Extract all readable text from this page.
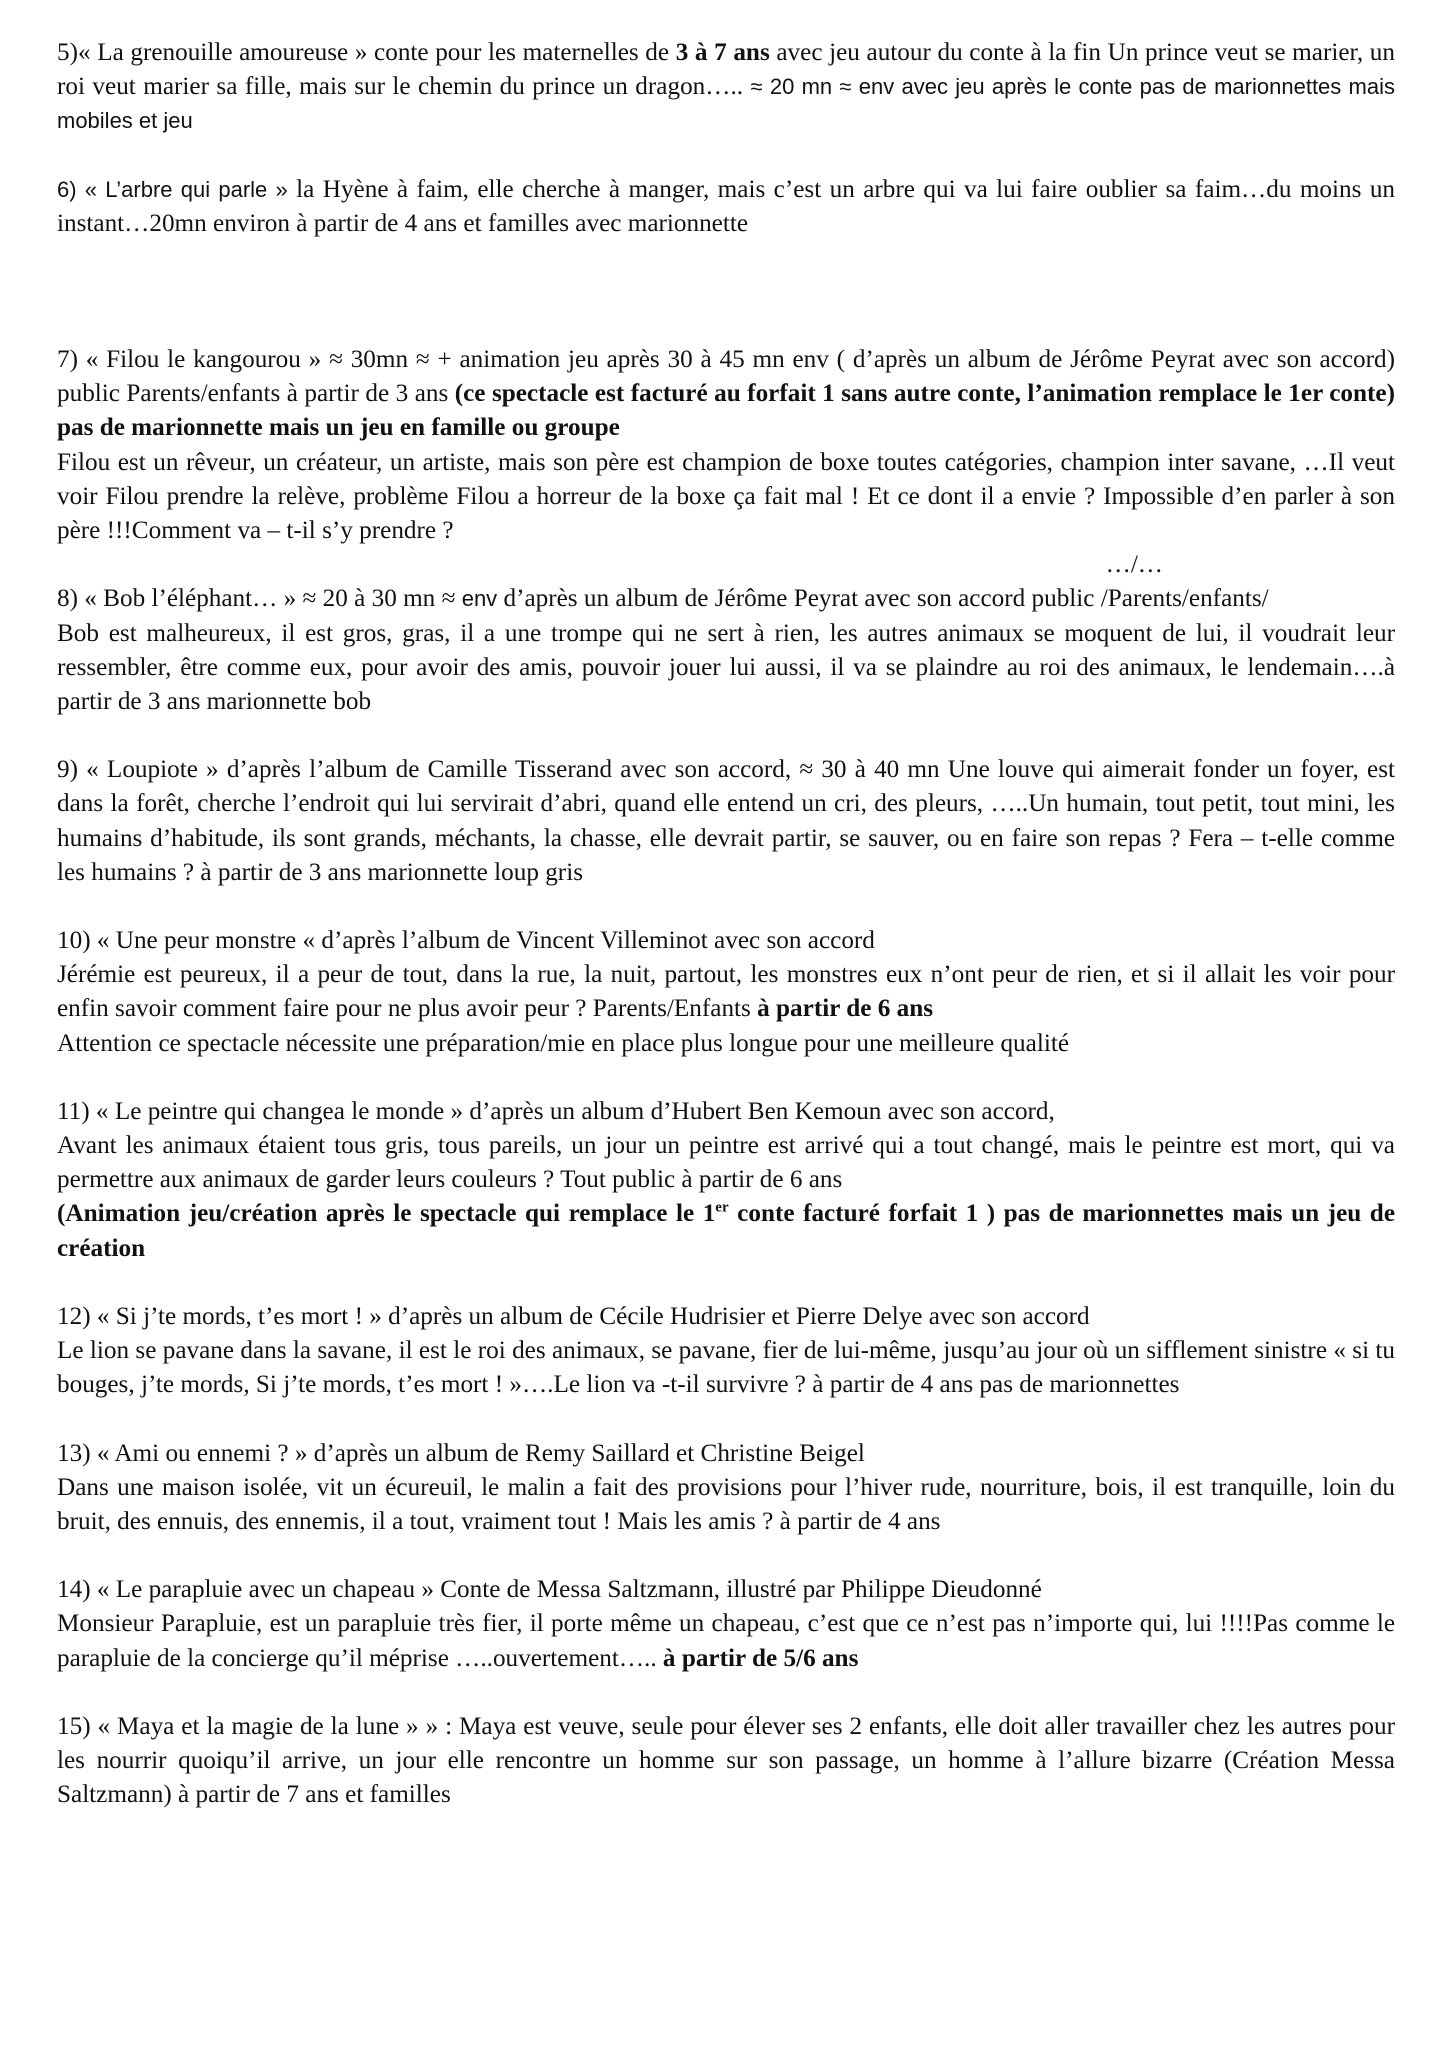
5)« La grenouille amoureuse » conte pour les maternelles de 3 à 7 ans avec jeu autour du conte à la fin Un prince veut se marier, un roi veut marier sa fille, mais sur le chemin du prince un dragon….. ≈ 20 mn ≈ env avec jeu après le conte pas de marionnettes mais mobiles et jeu

6) « L’arbre qui parle » la Hyène à faim, elle cherche à manger, mais c’est un arbre qui va lui faire oublier sa faim…du moins un instant…20mn environ à partir de 4 ans et familles avec marionnette

7) « Filou le kangourou » ≈ 30mn ≈ + animation jeu après 30 à 45 mn env ( d’après un album de Jérôme Peyrat avec son accord) public Parents/enfants à partir de 3 ans (ce spectacle est facturé au forfait 1 sans autre conte, l’animation remplace le 1er conte) pas de marionnette mais un jeu en famille ou groupe

Filou est un rêveur, un créateur, un artiste, mais son père est champion de boxe toutes catégories, champion inter savane, …Il veut voir Filou prendre la relève, problème Filou a horreur de la boxe ça fait mal ! Et ce dont il a envie ? Impossible d’en parler à son père !!!Comment va – t-il s’y prendre ?

…/…

8) « Bob l’éléphant… » ≈ 20 à 30 mn ≈ env d’après un album de Jérôme Peyrat avec son accord public /Parents/enfants/

Bob est malheureux, il est gros, gras, il a une trompe qui ne sert à rien, les autres animaux se moquent de lui, il voudrait leur ressembler, être comme eux, pour avoir des amis, pouvoir jouer lui aussi, il va se plaindre au roi des animaux, le lendemain….à partir de 3 ans marionnette bob

9) « Loupiote » d’après l’album de Camille Tisserand avec son accord, ≈ 30 à 40 mn Une louve qui aimerait fonder un foyer, est dans la forêt, cherche l’endroit qui lui servirait d’abri, quand elle entend un cri, des pleurs, …..Un humain, tout petit, tout mini, les humains d’habitude, ils sont grands, méchants, la chasse, elle devrait partir, se sauver, ou en faire son repas ? Fera – t-elle comme les humains ? à partir de 3 ans marionnette loup gris

10) « Une peur monstre « d’après l’album de Vincent Villeminot avec son accord

Jérémie est peureux, il a peur de tout, dans la rue, la nuit, partout, les monstres eux n’ont peur de rien, et si il allait les voir pour enfin savoir comment faire pour ne plus avoir peur ? Parents/Enfants à partir de 6 ans

Attention ce spectacle nécessite une préparation/mie en place plus longue pour une meilleure qualité

11) « Le peintre qui changea le monde » d’après un album d’Hubert Ben Kemoun avec son accord,

Avant les animaux étaient tous gris, tous pareils, un jour un peintre est arrivé qui a tout changé, mais le peintre est mort, qui va permettre aux animaux de garder leurs couleurs ? Tout public à partir de 6 ans

(Animation jeu/création après le spectacle qui remplace le 1er conte facturé forfait 1 ) pas de marionnettes mais un jeu de création

12) « Si j’te mords, t’es mort ! » d’après un album de Cécile Hudrisier et Pierre Delye avec son accord

Le lion se pavane dans la savane, il est le roi des animaux, se pavane, fier de lui-même, jusqu’au jour où un sifflement sinistre « si tu bouges, j’te mords, Si j’te mords, t’es mort ! »….Le lion va -t-il survivre ? à partir de 4 ans pas de marionnettes

13) « Ami ou ennemi ? » d’après un album de Remy Saillard et Christine Beigel

Dans une maison isolée, vit un écureuil, le malin a fait des provisions pour l’hiver rude, nourriture, bois, il est tranquille, loin du bruit, des ennuis, des ennemis, il a tout, vraiment tout ! Mais les amis ? à partir de 4 ans

14) « Le parapluie avec un chapeau » Conte de Messa Saltzmann, illustré par Philippe Dieudonné

Monsieur Parapluie, est un parapluie très fier, il porte même un chapeau, c’est que ce n’est pas n’importe qui, lui !!!!Pas comme le parapluie de la concierge qu’il méprise …..ouvertement….. à partir de 5/6 ans

15) « Maya et la magie de la lune » » : Maya est veuve, seule pour élever ses 2 enfants, elle doit aller travailler chez les autres pour les nourrir quoiqu’il arrive, un jour elle rencontre un homme sur son passage, un homme à l’allure bizarre (Création Messa Saltzmann) à partir de 7 ans et familles
